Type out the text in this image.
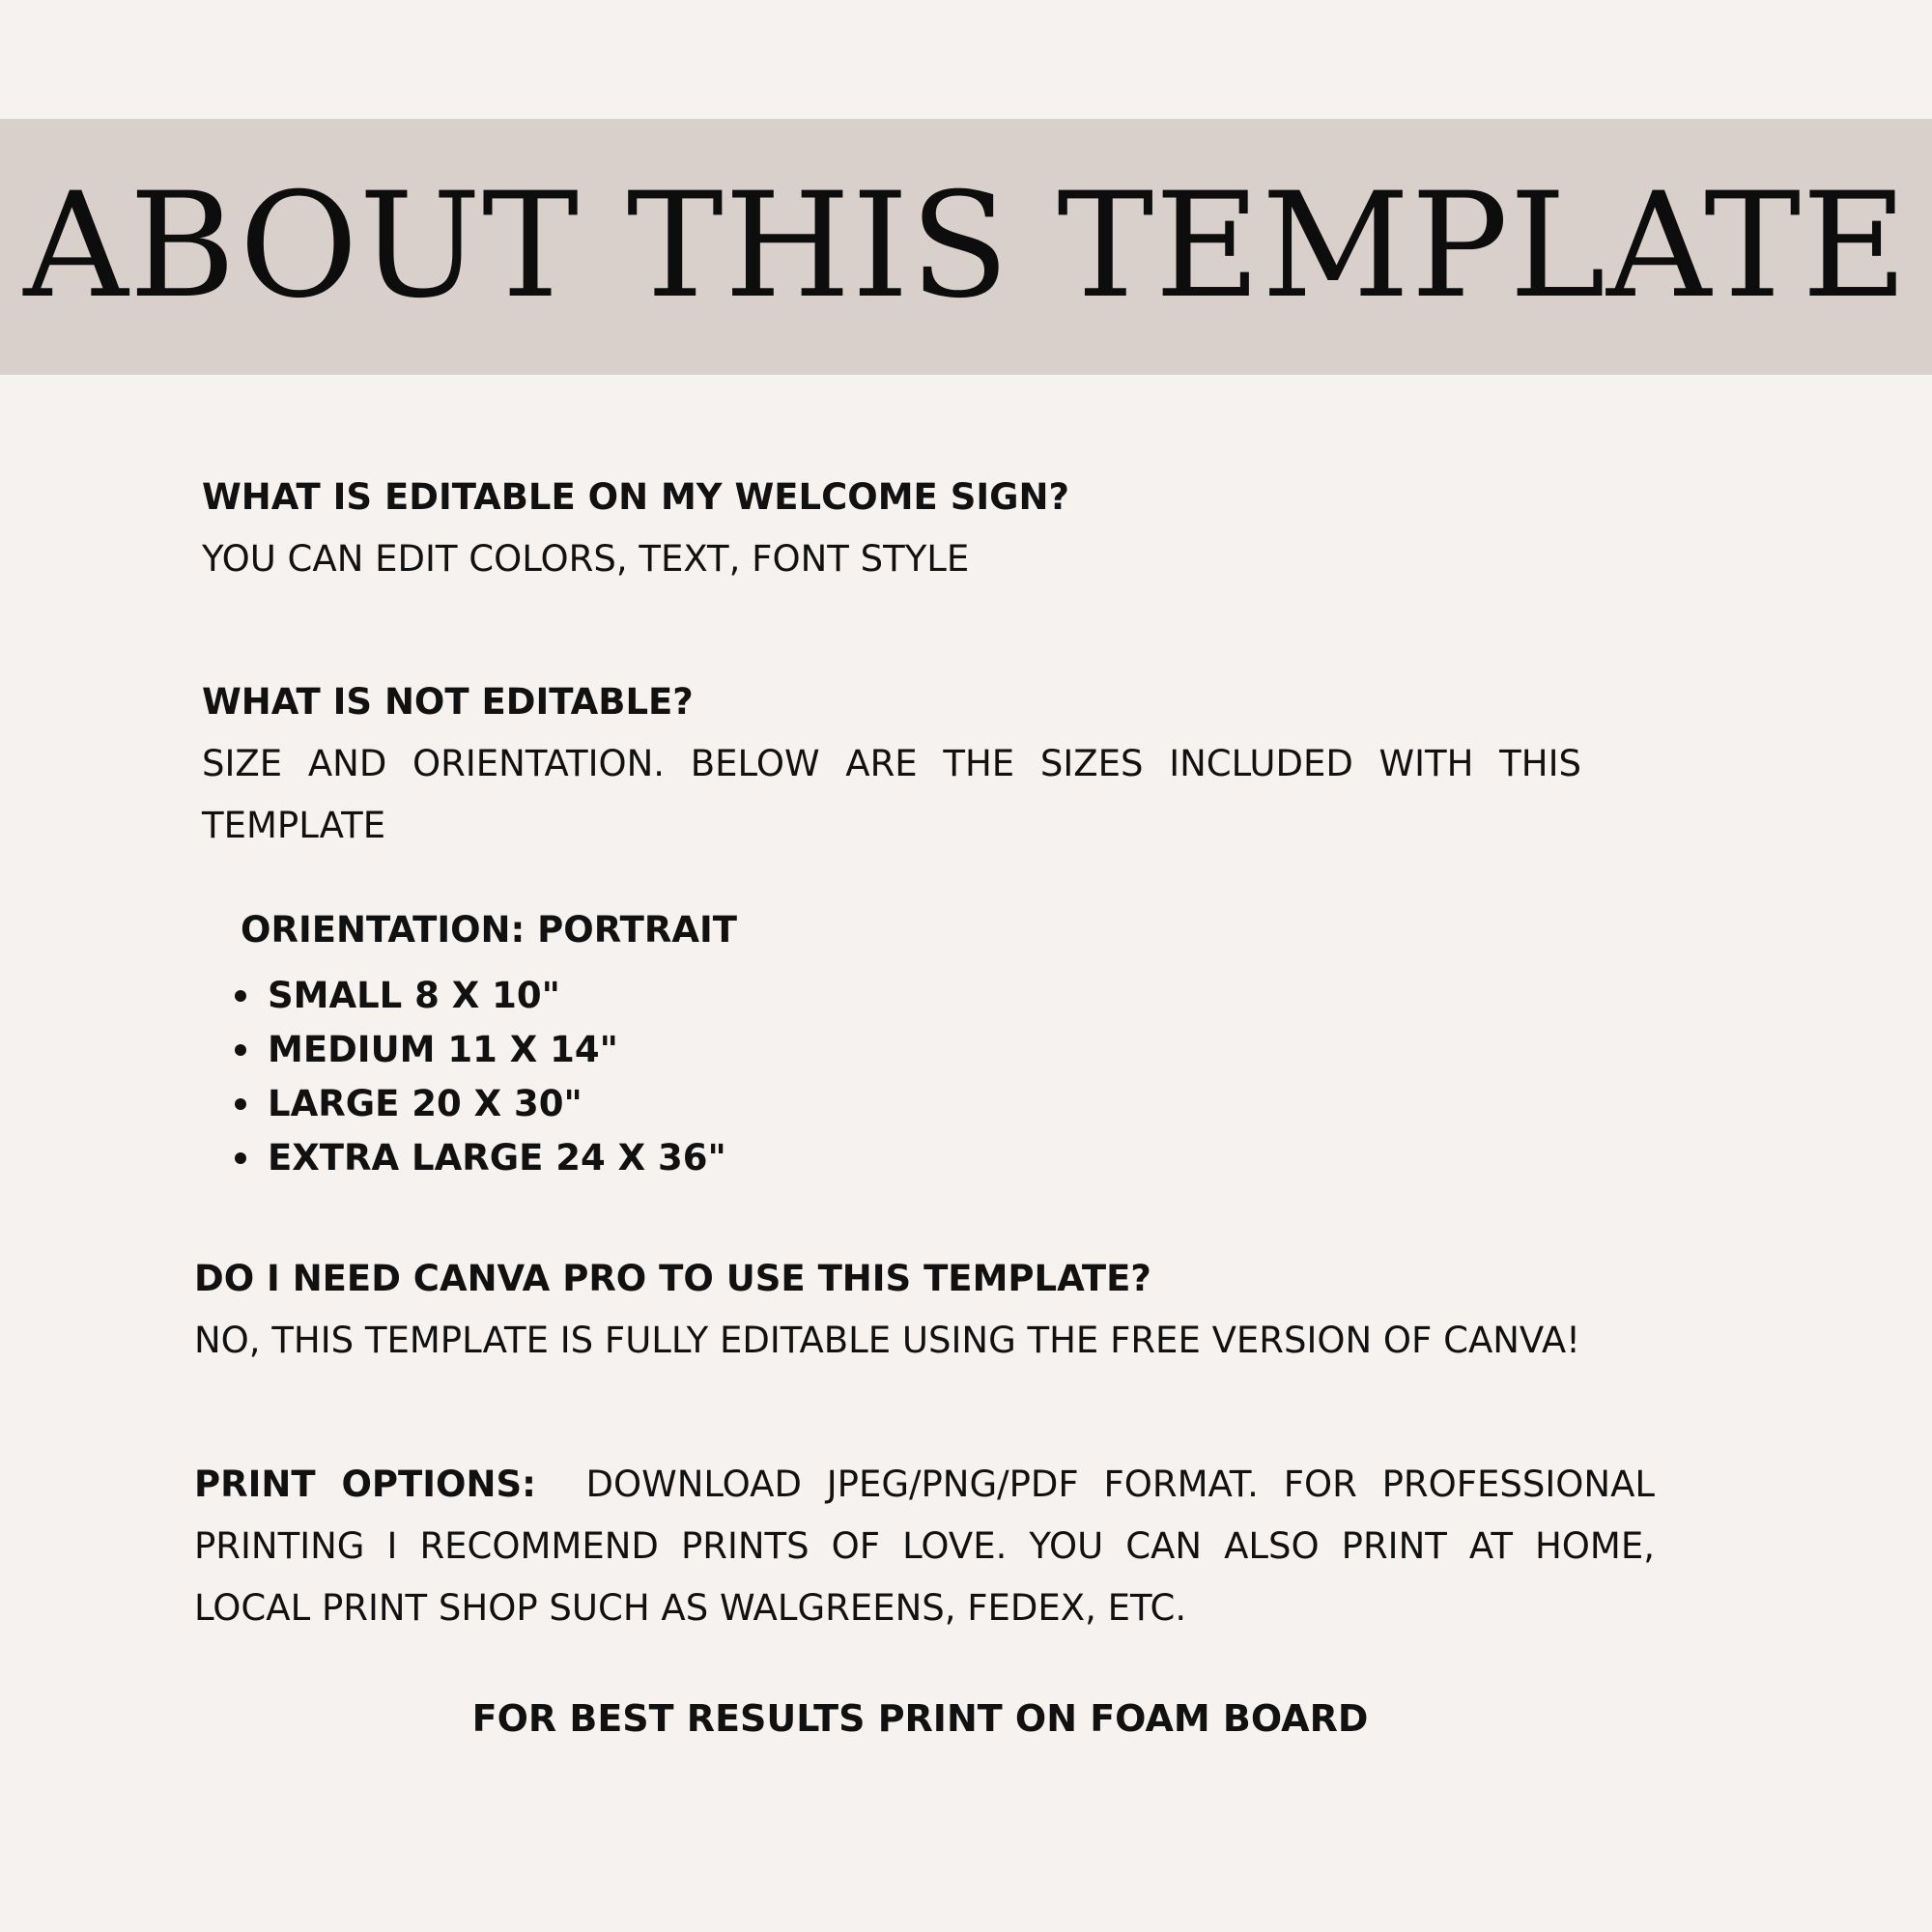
ABOUT THIS TEMPLATE

WHAT IS EDITABLE ON MY WELCOME SIGN?

YOU CAN EDIT COLORS, TEXT, FONT STYLE

WHAT IS NOT EDITABLE?

SIZE AND ORIENTATION. BELOW ARE THE SIZES INCLUDED WITH THIS TEMPLATE

ORIENTATION: PORTRAIT

SMALL 8 X 10"
MEDIUM 11 X 14"
LARGE 20 X 30"
EXTRA LARGE 24 X 36"

DO I NEED CANVA PRO TO USE THIS TEMPLATE?

NO, THIS TEMPLATE IS FULLY EDITABLE USING THE FREE VERSION OF CANVA!

PRINT OPTIONS: DOWNLOAD JPEG/PNG/PDF FORMAT. FOR PROFESSIONAL PRINTING I RECOMMEND PRINTS OF LOVE. YOU CAN ALSO PRINT AT HOME, LOCAL PRINT SHOP SUCH AS WALGREENS, FEDEX, ETC.

FOR BEST RESULTS PRINT ON FOAM BOARD
